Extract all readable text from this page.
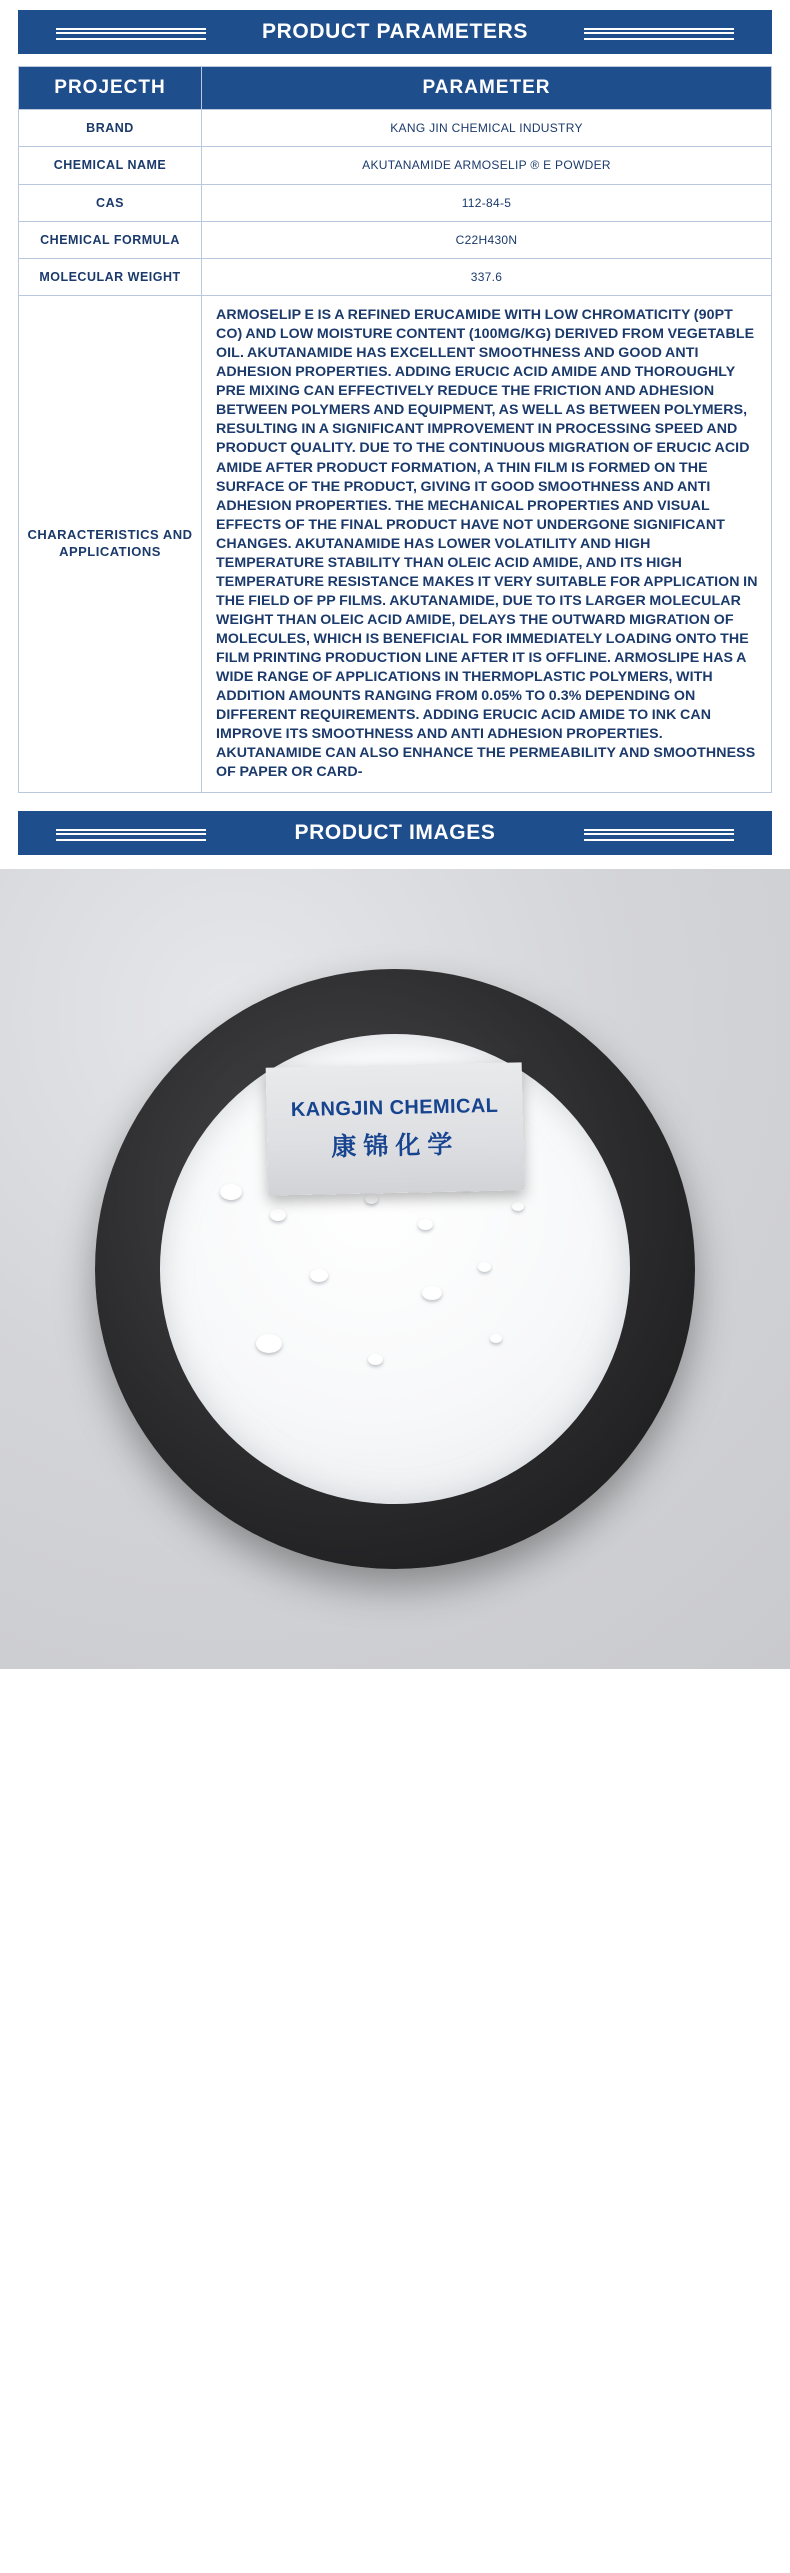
PRODUCT PARAMETERS
PROJECTH	PARAMETER
BRAND	KANG JIN CHEMICAL INDUSTRY
CHEMICAL NAME	AKUTANAMIDE ARMOSELIP ® E POWDER
CAS	112-84-5
CHEMICAL FORMULA	C22H430N
MOLECULAR WEIGHT	337.6
CHARACTERISTICS AND APPLICATIONS	ARMOSELIP E IS A REFINED ERUCAMIDE WITH LOW CHROMATICITY (90PT CO) AND LOW MOISTURE CONTENT (100MG/KG) DERIVED FROM VEGETABLE OIL. AKUTANAMIDE HAS EXCELLENT SMOOTHNESS AND GOOD ANTI ADHESION PROPERTIES. ADDING ERUCIC ACID AMIDE AND THOROUGHLY PRE MIXING CAN EFFECTIVELY REDUCE THE FRICTION AND ADHESION BETWEEN POLYMERS AND EQUIPMENT, AS WELL AS BETWEEN POLYMERS, RESULTING IN A SIGNIFICANT IMPROVEMENT IN PROCESSING SPEED AND PRODUCT QUALITY. DUE TO THE CONTINUOUS MIGRATION OF ERUCIC ACID AMIDE AFTER PRODUCT FORMATION, A THIN FILM IS FORMED ON THE SURFACE OF THE PRODUCT, GIVING IT GOOD SMOOTHNESS AND ANTI ADHESION PROPERTIES. THE MECHANICAL PROPERTIES AND VISUAL EFFECTS OF THE FINAL PRODUCT HAVE NOT UNDERGONE SIGNIFICANT CHANGES. AKUTANAMIDE HAS LOWER VOLATILITY AND HIGH TEMPERATURE STABILITY THAN OLEIC ACID AMIDE, AND ITS HIGH TEMPERATURE RESISTANCE MAKES IT VERY SUITABLE FOR APPLICATION IN THE FIELD OF PP FILMS. AKUTANAMIDE, DUE TO ITS LARGER MOLECULAR WEIGHT THAN OLEIC ACID AMIDE, DELAYS THE OUTWARD MIGRATION OF MOLECULES, WHICH IS BENEFICIAL FOR IMMEDIATELY LOADING ONTO THE FILM PRINTING PRODUCTION LINE AFTER IT IS OFFLINE. ARMOSLIPE HAS A WIDE RANGE OF APPLICATIONS IN THERMOPLASTIC POLYMERS, WITH ADDITION AMOUNTS RANGING FROM 0.05% TO 0.3% DEPENDING ON DIFFERENT REQUIREMENTS. ADDING ERUCIC ACID AMIDE TO INK CAN IMPROVE ITS SMOOTHNESS AND ANTI ADHESION PROPERTIES. AKUTANAMIDE CAN ALSO ENHANCE THE PERMEABILITY AND SMOOTHNESS OF PAPER OR CARD-
PRODUCT IMAGES
KANGJIN CHEMICAL
康锦化学
